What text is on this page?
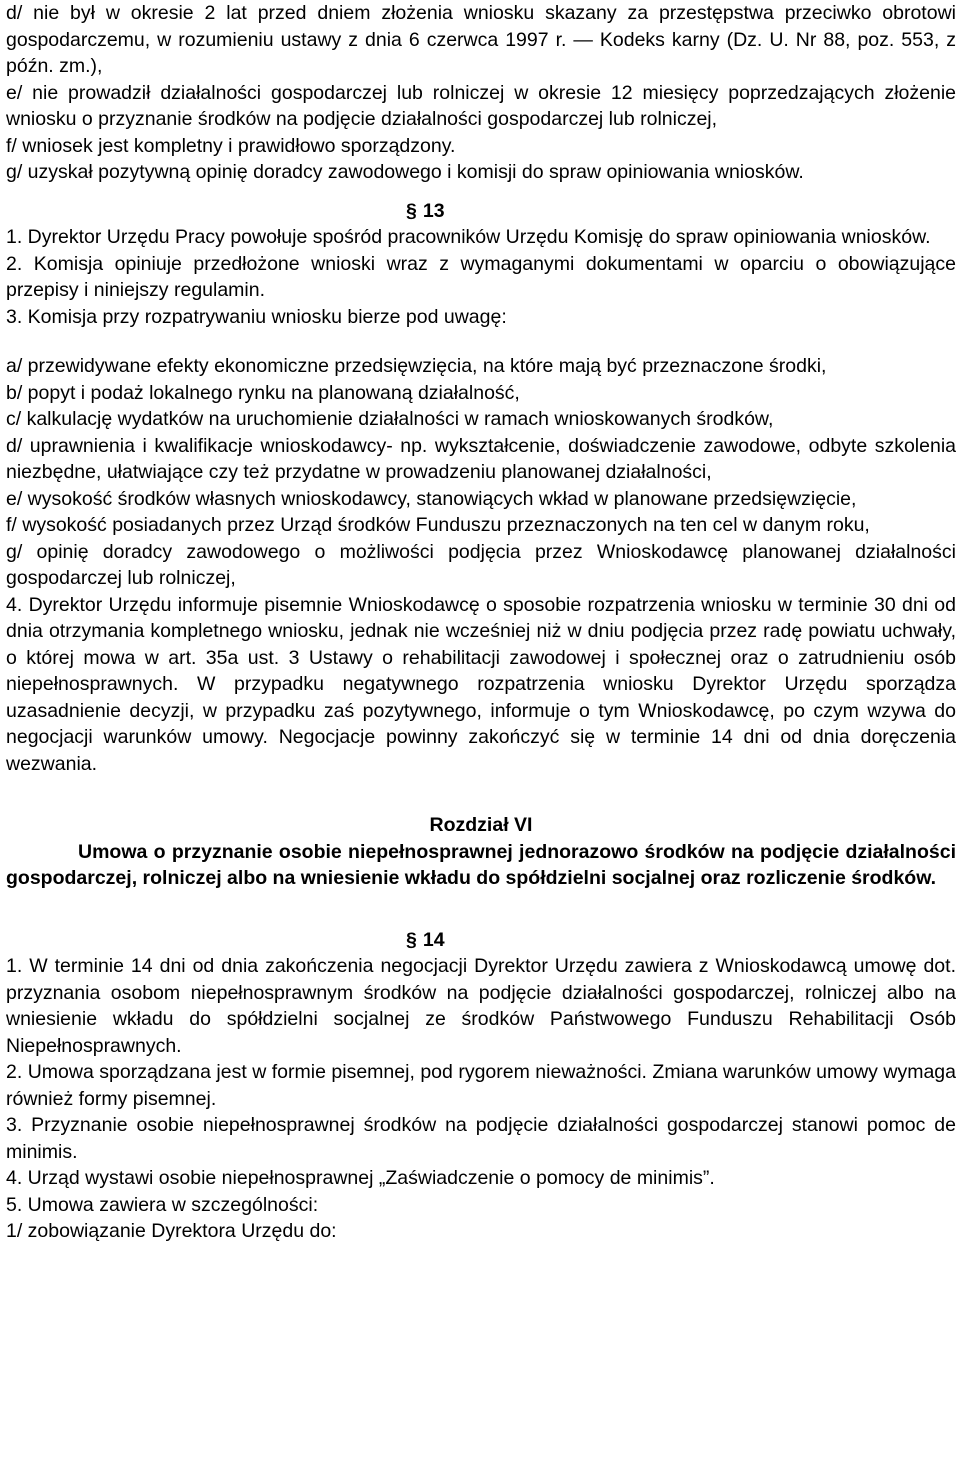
d/ nie był w okresie 2 lat przed dniem złożenia wniosku skazany za przestępstwa przeciwko obrotowi gospodarczemu, w rozumieniu ustawy z dnia 6 czerwca 1997 r. — Kodeks karny (Dz. U. Nr 88, poz. 553, z późn. zm.),

e/ nie prowadził działalności gospodarczej lub rolniczej w okresie 12 miesięcy poprzedzających złożenie wniosku o przyznanie środków na podjęcie działalności gospodarczej lub rolniczej,

f/ wniosek jest kompletny i prawidłowo sporządzony.

g/ uzyskał pozytywną opinię doradcy zawodowego i komisji do spraw opiniowania wniosków.

§ 13

1. Dyrektor Urzędu Pracy powołuje spośród pracowników Urzędu Komisję do spraw opiniowania wniosków.

2. Komisja opiniuje przedłożone wnioski wraz z wymaganymi dokumentami w oparciu o obowiązujące przepisy i niniejszy regulamin.

3. Komisja przy rozpatrywaniu wniosku bierze pod uwagę:

a/ przewidywane efekty ekonomiczne przedsięwzięcia, na które mają być przeznaczone środki,

b/ popyt i podaż lokalnego rynku na planowaną działalność,

c/ kalkulację wydatków na uruchomienie działalności w ramach wnioskowanych środków,

d/ uprawnienia i kwalifikacje wnioskodawcy- np. wykształcenie, doświadczenie zawodowe, odbyte szkolenia niezbędne, ułatwiające czy też przydatne w prowadzeniu planowanej działalności,

e/ wysokość środków własnych wnioskodawcy, stanowiących wkład w planowane przedsięwzięcie,

f/ wysokość posiadanych przez Urząd środków Funduszu przeznaczonych na ten cel w danym roku,

g/ opinię doradcy zawodowego o możliwości podjęcia przez Wnioskodawcę planowanej działalności gospodarczej lub rolniczej,

4. Dyrektor Urzędu informuje pisemnie Wnioskodawcę o sposobie rozpatrzenia wniosku w terminie 30 dni od dnia otrzymania kompletnego wniosku, jednak nie wcześniej niż w dniu podjęcia przez radę powiatu uchwały, o której mowa w art. 35a ust. 3 Ustawy o rehabilitacji zawodowej i społecznej oraz o zatrudnieniu osób niepełnosprawnych. W przypadku negatywnego rozpatrzenia wniosku Dyrektor Urzędu sporządza uzasadnienie decyzji, w przypadku zaś pozytywnego, informuje o tym Wnioskodawcę, po czym wzywa do negocjacji warunków umowy. Negocjacje powinny zakończyć się w terminie 14 dni od dnia doręczenia wezwania.

Rozdział VI

Umowa o przyznanie osobie niepełnosprawnej jednorazowo środków na podjęcie działalności gospodarczej, rolniczej albo na wniesienie wkładu do spółdzielni socjalnej oraz rozliczenie środków.

§ 14

1. W terminie 14 dni od dnia zakończenia negocjacji Dyrektor Urzędu zawiera z Wnioskodawcą umowę dot. przyznania osobom niepełnosprawnym środków na podjęcie działalności gospodarczej, rolniczej albo na wniesienie wkładu do spółdzielni socjalnej ze środków Państwowego Funduszu Rehabilitacji Osób Niepełnosprawnych.

2. Umowa sporządzana jest w formie pisemnej, pod rygorem nieważności. Zmiana warunków umowy wymaga również formy pisemnej.

3. Przyznanie osobie niepełnosprawnej środków na podjęcie działalności gospodarczej stanowi pomoc de minimis.

4. Urząd wystawi osobie niepełnosprawnej „Zaświadczenie o pomocy de minimis”.

5. Umowa zawiera w szczególności:

1/ zobowiązanie Dyrektora Urzędu do:
